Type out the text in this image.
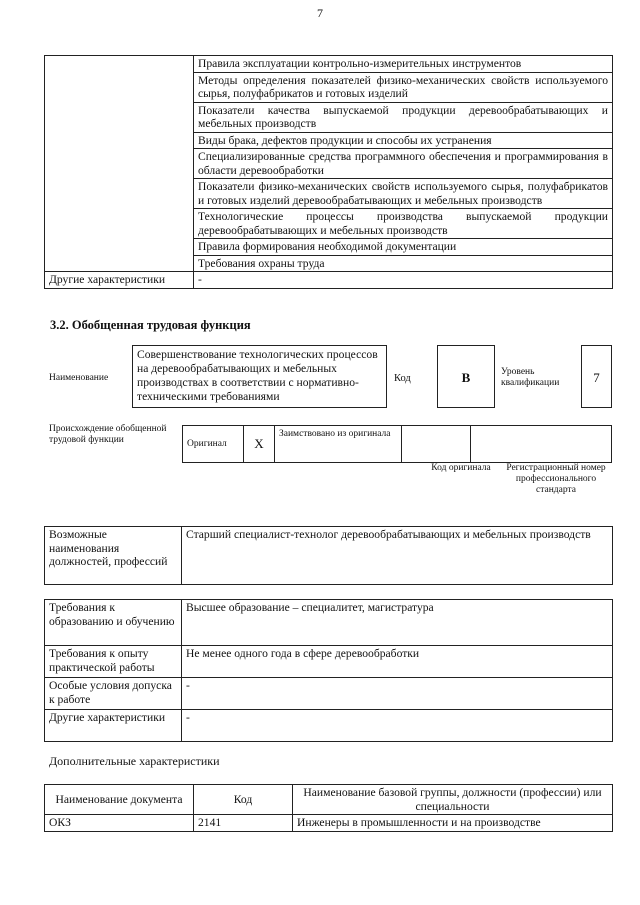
7
	Правила эксплуатации контрольно-измерительных инструментов
	Методы определения показателей физико-механических свойств используемого сырья, полуфабрикатов и готовых изделий
	Показатели качества выпускаемой продукции деревообрабатывающих и мебельных производств
	Виды брака, дефектов продукции и способы их устранения
	Специализированные средства программного обеспечения и программирования в области деревообработки
	Показатели физико-механических свойств используемого сырья, полуфабрикатов и готовых изделий деревообрабатывающих и мебельных производств
	Технологические процессы производства выпускаемой продукции деревообрабатывающих и мебельных производств
	Правила формирования необходимой документации
	Требования охраны труда
Другие характеристики	-
3.2. Обобщенная трудовая функция
Наименование
Совершенствование технологических процессов на деревообрабатывающих и мебельных производствах в соответствии с нормативно-техническими требованиями
Код	B	Уровень квалификации	7
Происхождение обобщенной трудовой функции	Оригинал	X	Заимствовано из оригинала		
Код оригинала	Регистрационный номер профессионального стандарта
Возможные наименования должностей, профессий	Старший специалист-технолог деревообрабатывающих и мебельных производств
Требования к образованию и обучению	Высшее образование – специалитет, магистратура
Требования к опыту практической работы	Не менее одного года в сфере деревообработки
Особые условия допуска к работе	-
Другие характеристики	-
Дополнительные характеристики
Наименование документа	Код	Наименование базовой группы, должности (профессии) или специальности
ОКЗ	2141	Инженеры в промышленности и на производстве
